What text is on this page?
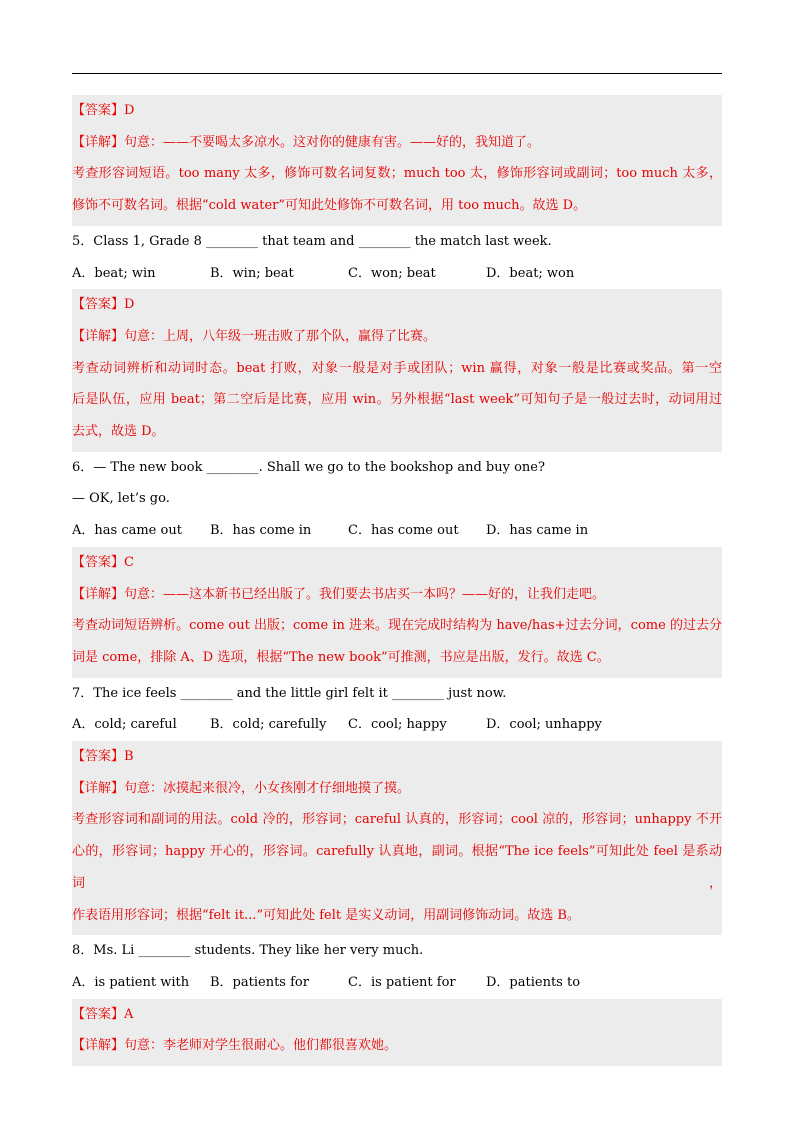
【答案】D
【详解】句意：——不要喝太多凉水。这对你的健康有害。——好的，我知道了。
考查形容词短语。too many 太多，修饰可数名词复数；much too 太，修饰形容词或副词；too much 太多，
修饰不可数名词。根据“cold water”可知此处修饰不可数名词，用 too much。故选 D。
5．Class 1, Grade 8 ________ that team and ________ the match last week.
A．beat; win	B．win; beat	C．won; beat	D．beat; won
【答案】D
【详解】句意：上周，八年级一班击败了那个队，赢得了比赛。
考查动词辨析和动词时态。beat 打败，对象一般是对手或团队；win 赢得，对象一般是比赛或奖品。第一空
后是队伍，应用 beat；第二空后是比赛，应用 win。另外根据“last week”可知句子是一般过去时，动词用过
去式，故选 D。
6．— The new book ________. Shall we go to the bookshop and buy one?
— OK, let’s go.
A．has came out	B．has come in	C．has come out	D．has came in
【答案】C
【详解】句意：——这本新书已经出版了。我们要去书店买一本吗？——好的，让我们走吧。
考查动词短语辨析。come out 出版；come in 进来。现在完成时结构为 have/has+过去分词，come 的过去分
词是 come，排除 A、D 选项，根据“The new book”可推测，书应是出版，发行。故选 C。
7．The ice feels ________ and the little girl felt it ________ just now.
A．cold; careful	B．cold; carefully	C．cool; happy	D．cool; unhappy
【答案】B
【详解】句意：冰摸起来很冷，小女孩刚才仔细地摸了摸。
考查形容词和副词的用法。cold 冷的，形容词；careful 认真的，形容词；cool 凉的，形容词；unhappy 不开
心的，形容词；happy 开心的，形容词。carefully 认真地，副词。根据“The ice feels”可知此处 feel 是系动词，
作表语用形容词；根据“felt it...”可知此处 felt 是实义动词，用副词修饰动词。故选 B。
8．Ms. Li ________ students. They like her very much.
A．is patient with	B．patients for	C．is patient for	D．patients to
【答案】A
【详解】句意：李老师对学生很耐心。他们都很喜欢她。
